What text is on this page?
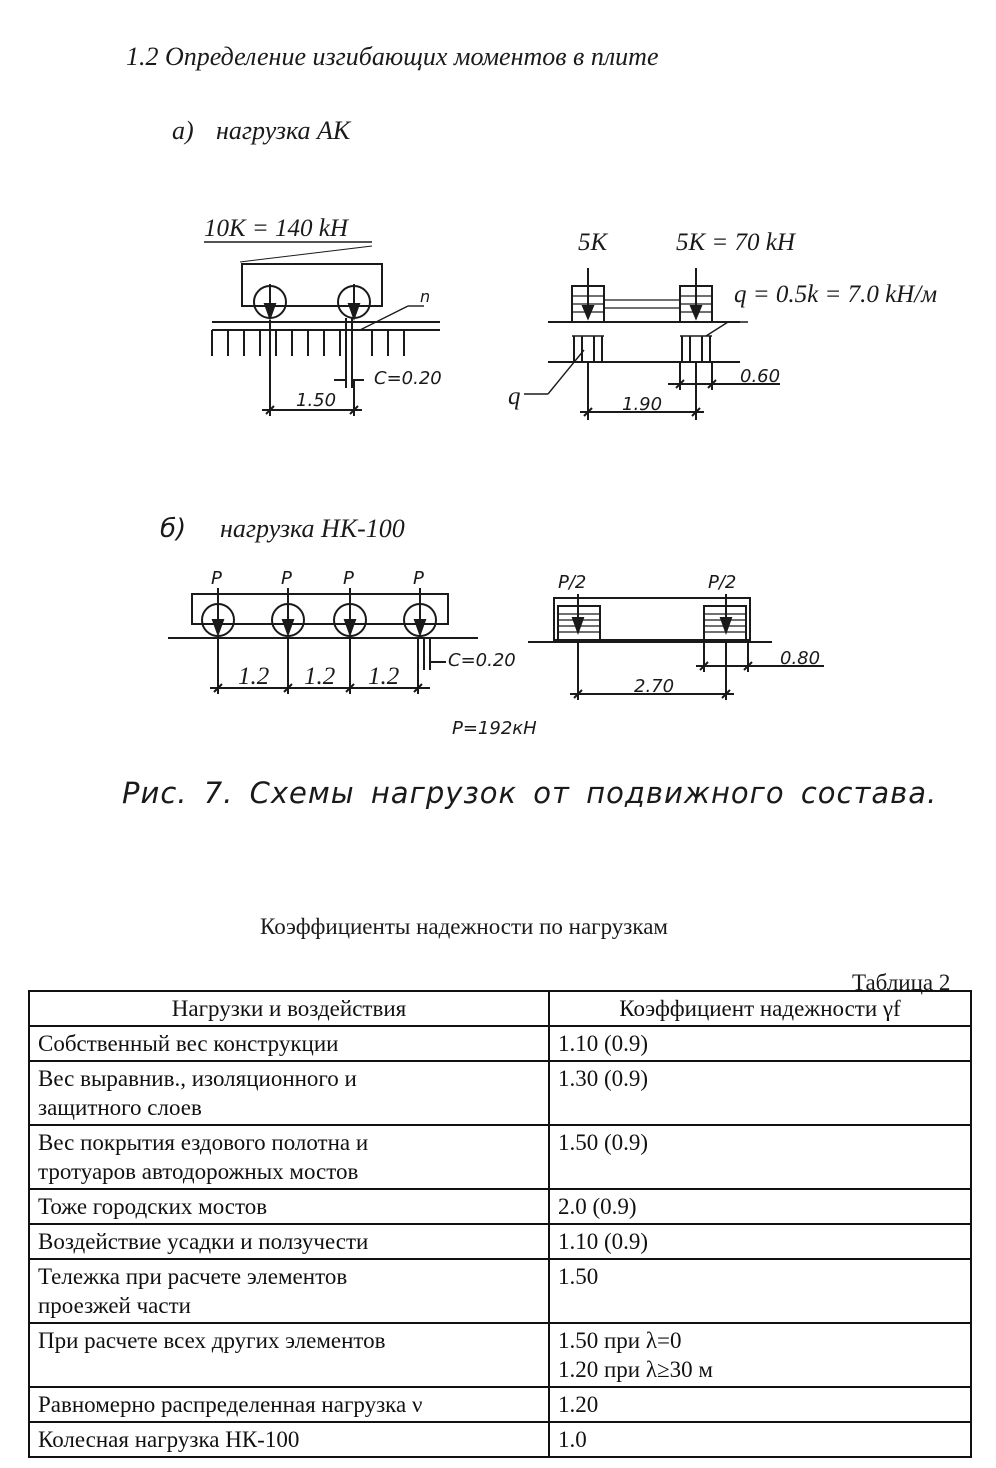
1.2 Определение изгибающих моментов в плите
а) нагрузка АК
10К = 140 kH
n
С=0.20
1.50
5К	5К = 70 kH
q = 0.5k = 7.0 kH/м
q	1.90
0.60
б) нагрузка НК-100
P	P	P	P
1.2 1.2 1.2
С=0.20
P=192кН
P/2	P/2
2.70
0.80
Рис. 7. Схемы нагрузок от подвижного состава.
Коэффициенты надежности по нагрузкам
Таблица 2
Нагрузки и воздействия	Коэффициент надежности γf
Собственный вес конструкции	1.10 (0.9)

Вес выравнив., изоляционного и
защитного слоев	1.30 (0.9)

Вес покрытия ездового полотна и
тротуаров автодорожных мостов	1.50 (0.9)
Тоже городских мостов	2.0 (0.9)
Воздействие усадки и ползучести	1.10 (0.9)

Тележка при расчете элементов
проезжей части	1.50
При расчете всех других элементов	1.50 при λ=0
1.20 при λ≥30 м

Равномерно распределенная нагрузка ν	1.20
Колесная нагрузка НК-100	1.0
